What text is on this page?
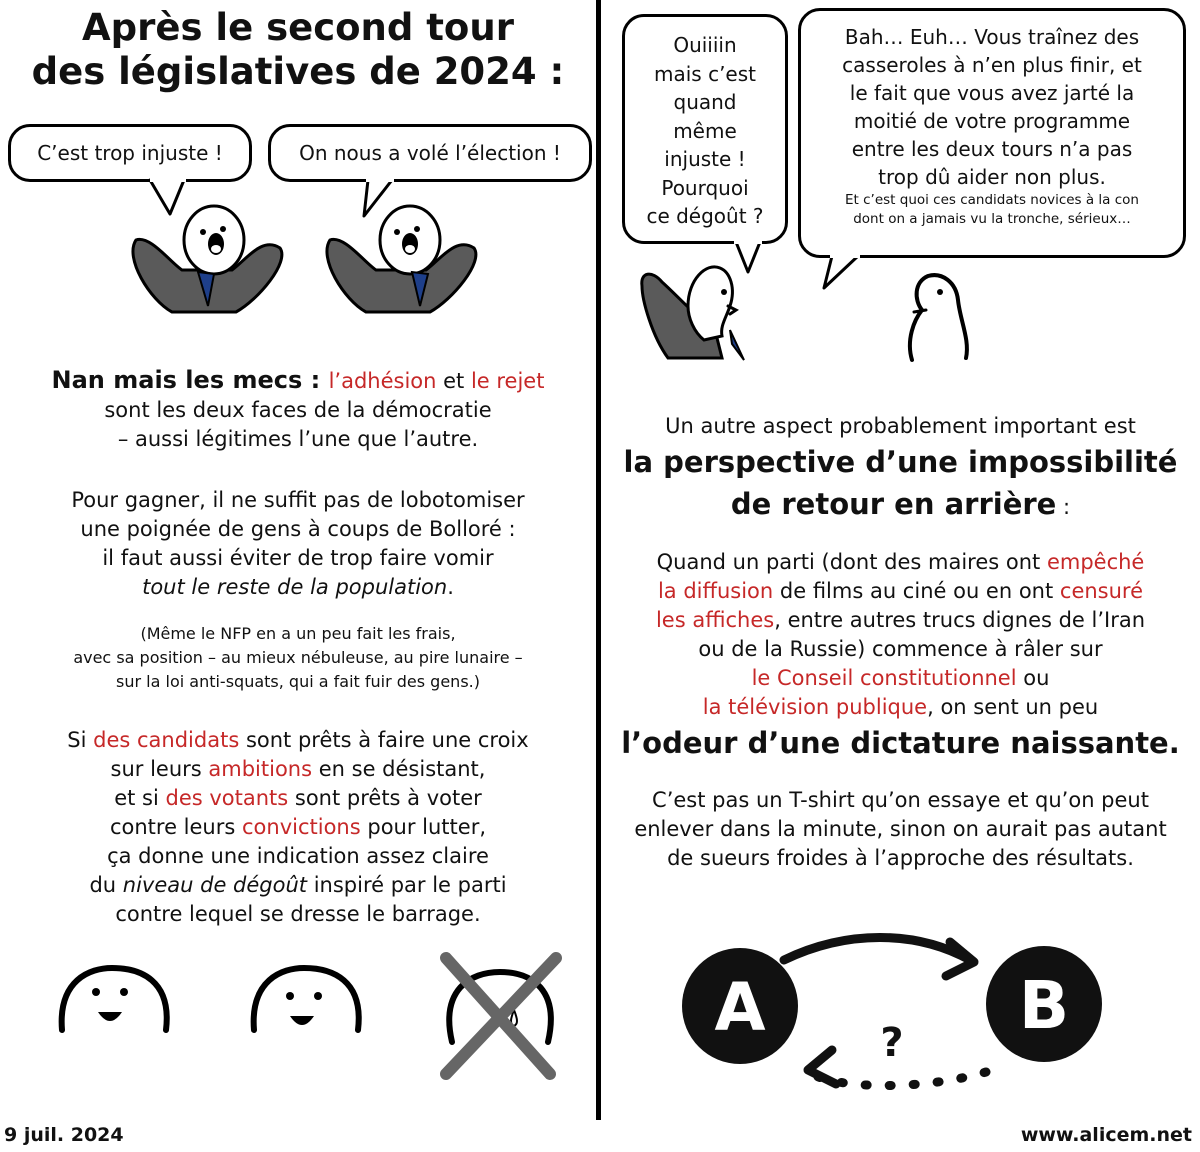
Après le second tour
des législatives de 2024 :
C’est trop injuste !	On nous a volé l’élection !
Nan mais les mecs : l’adhésion et le rejet
sont les deux faces de la démocratie
– aussi légitimes l’une que l’autre.
Pour gagner, il ne suffit pas de lobotomiser
une poignée de gens à coups de Bolloré :
il faut aussi éviter de trop faire vomir
tout le reste de la population.
(Même le NFP en a un peu fait les frais,
avec sa position – au mieux nébuleuse, au pire lunaire –
sur la loi anti-squats, qui a fait fuir des gens.)
Si des candidats sont prêts à faire une croix
sur leurs ambitions en se désistant,
et si des votants sont prêts à voter
contre leurs convictions pour lutter,
ça donne une indication assez claire
du niveau de dégoût inspiré par le parti
contre lequel se dresse le barrage.
Ouiiiin
mais c’est
quand
même
injuste !
Pourquoi
ce dégoût ?
Bah… Euh… Vous traînez des
casseroles à n’en plus finir, et
le fait que vous avez jarté la
moitié de votre programme
entre les deux tours n’a pas
trop dû aider non plus.
Et c’est quoi ces candidats novices à la con
dont on a jamais vu la tronche, sérieux…
Un autre aspect probablement important est
la perspective d’une impossibilité
de retour en arrière :
Quand un parti (dont des maires ont empêché
la diffusion de films au ciné ou en ont censuré
les affiches, entre autres trucs dignes de l’Iran
ou de la Russie) commence à râler sur
le Conseil constitutionnel ou
la télévision publique, on sent un peu
l’odeur d’une dictature naissante.
C’est pas un T-shirt qu’on essaye et qu’on peut
enlever dans la minute, sinon on aurait pas autant
de sueurs froides à l’approche des résultats.
A	B
?
9 juil. 2024	www.alicem.net
